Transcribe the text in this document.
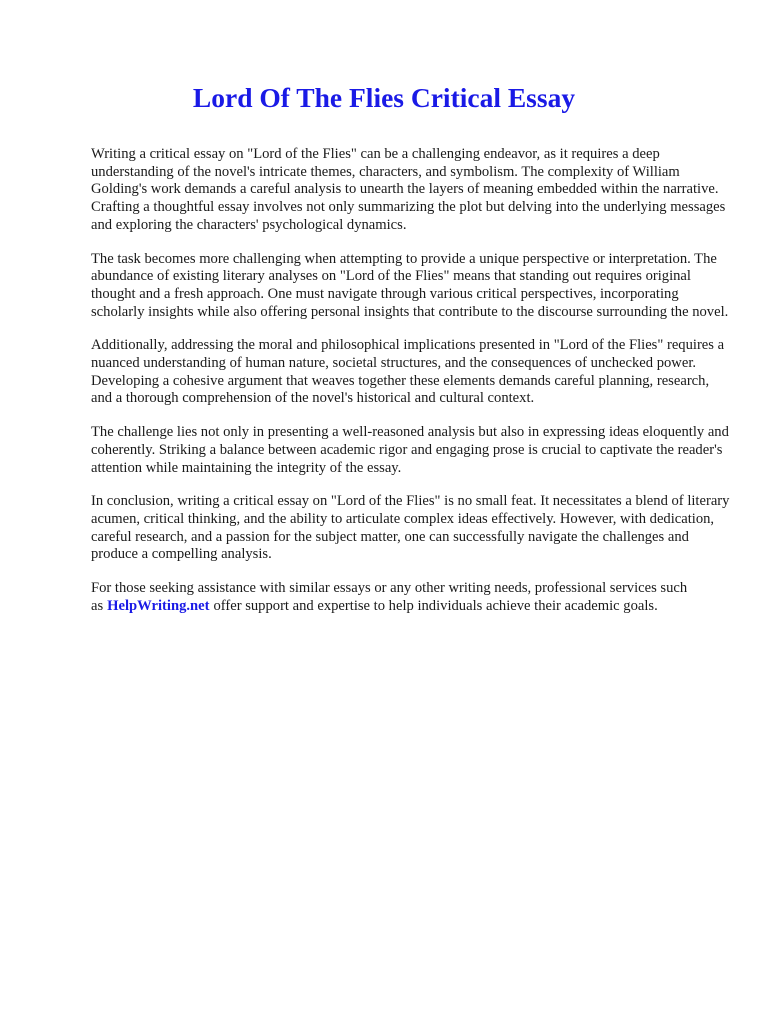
Lord Of The Flies Critical Essay

Writing a critical essay on "Lord of the Flies" can be a challenging endeavor, as it requires a deep understanding of the novel's intricate themes, characters, and symbolism. The complexity of William Golding's work demands a careful analysis to unearth the layers of meaning embedded within the narrative. Crafting a thoughtful essay involves not only summarizing the plot but delving into the underlying messages and exploring the characters' psychological dynamics.

The task becomes more challenging when attempting to provide a unique perspective or interpretation. The abundance of existing literary analyses on "Lord of the Flies" means that standing out requires original thought and a fresh approach. One must navigate through various critical perspectives, incorporating scholarly insights while also offering personal insights that contribute to the discourse surrounding the novel.

Additionally, addressing the moral and philosophical implications presented in "Lord of the Flies" requires a nuanced understanding of human nature, societal structures, and the consequences of unchecked power. Developing a cohesive argument that weaves together these elements demands careful planning, research, and a thorough comprehension of the novel's historical and cultural context.

The challenge lies not only in presenting a well-reasoned analysis but also in expressing ideas eloquently and coherently. Striking a balance between academic rigor and engaging prose is crucial to captivate the reader's attention while maintaining the integrity of the essay.

In conclusion, writing a critical essay on "Lord of the Flies" is no small feat. It necessitates a blend of literary acumen, critical thinking, and the ability to articulate complex ideas effectively. However, with dedication, careful research, and a passion for the subject matter, one can successfully navigate the challenges and produce a compelling analysis.

For those seeking assistance with similar essays or any other writing needs, professional services such as HelpWriting.net offer support and expertise to help individuals achieve their academic goals.
